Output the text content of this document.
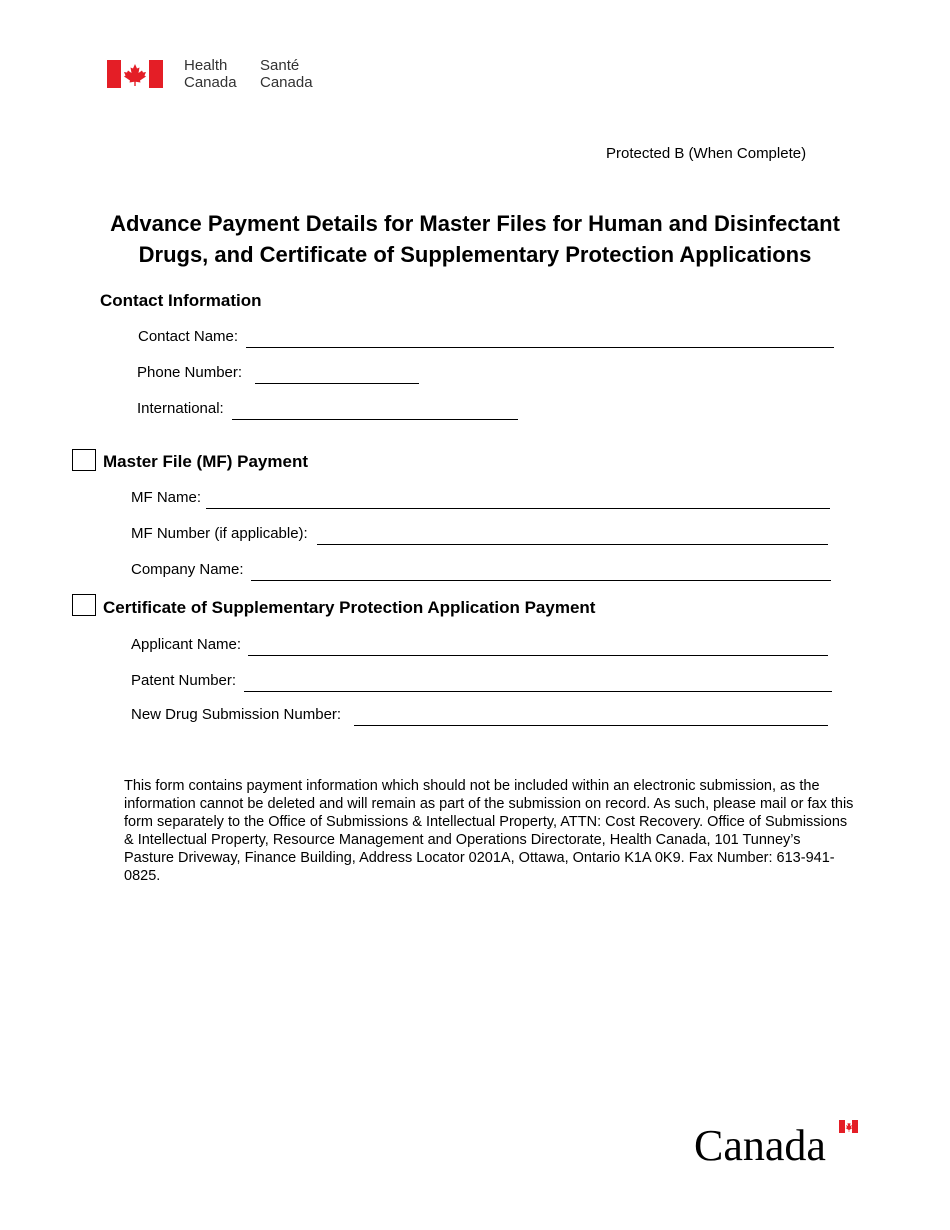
Health
Canada
Santé
Canada
Protected B (When Complete)
Advance Payment Details for Master Files for Human and Disinfectant Drugs, and Certificate of Supplementary Protection Applications
Contact Information
Contact Name:
Phone Number:
International:
Master File (MF) Payment
MF Name:
MF Number (if applicable):
Company Name:
Certificate of Supplementary Protection Application Payment
Applicant Name:
Patent Number:
New Drug Submission Number:
This form contains payment information which should not be included within an electronic submission, as the information cannot be deleted and will remain as part of the submission on record. As such, please mail or fax this form separately to the Office of Submissions & Intellectual Property, ATTN: Cost Recovery. Office of Submissions & Intellectual Property, Resource Management and Operations Directorate, Health Canada, 101 Tunney’s Pasture Driveway, Finance Building, Address Locator 0201A, Ottawa, Ontario K1A 0K9. Fax Number: 613-941-0825.
Canada
